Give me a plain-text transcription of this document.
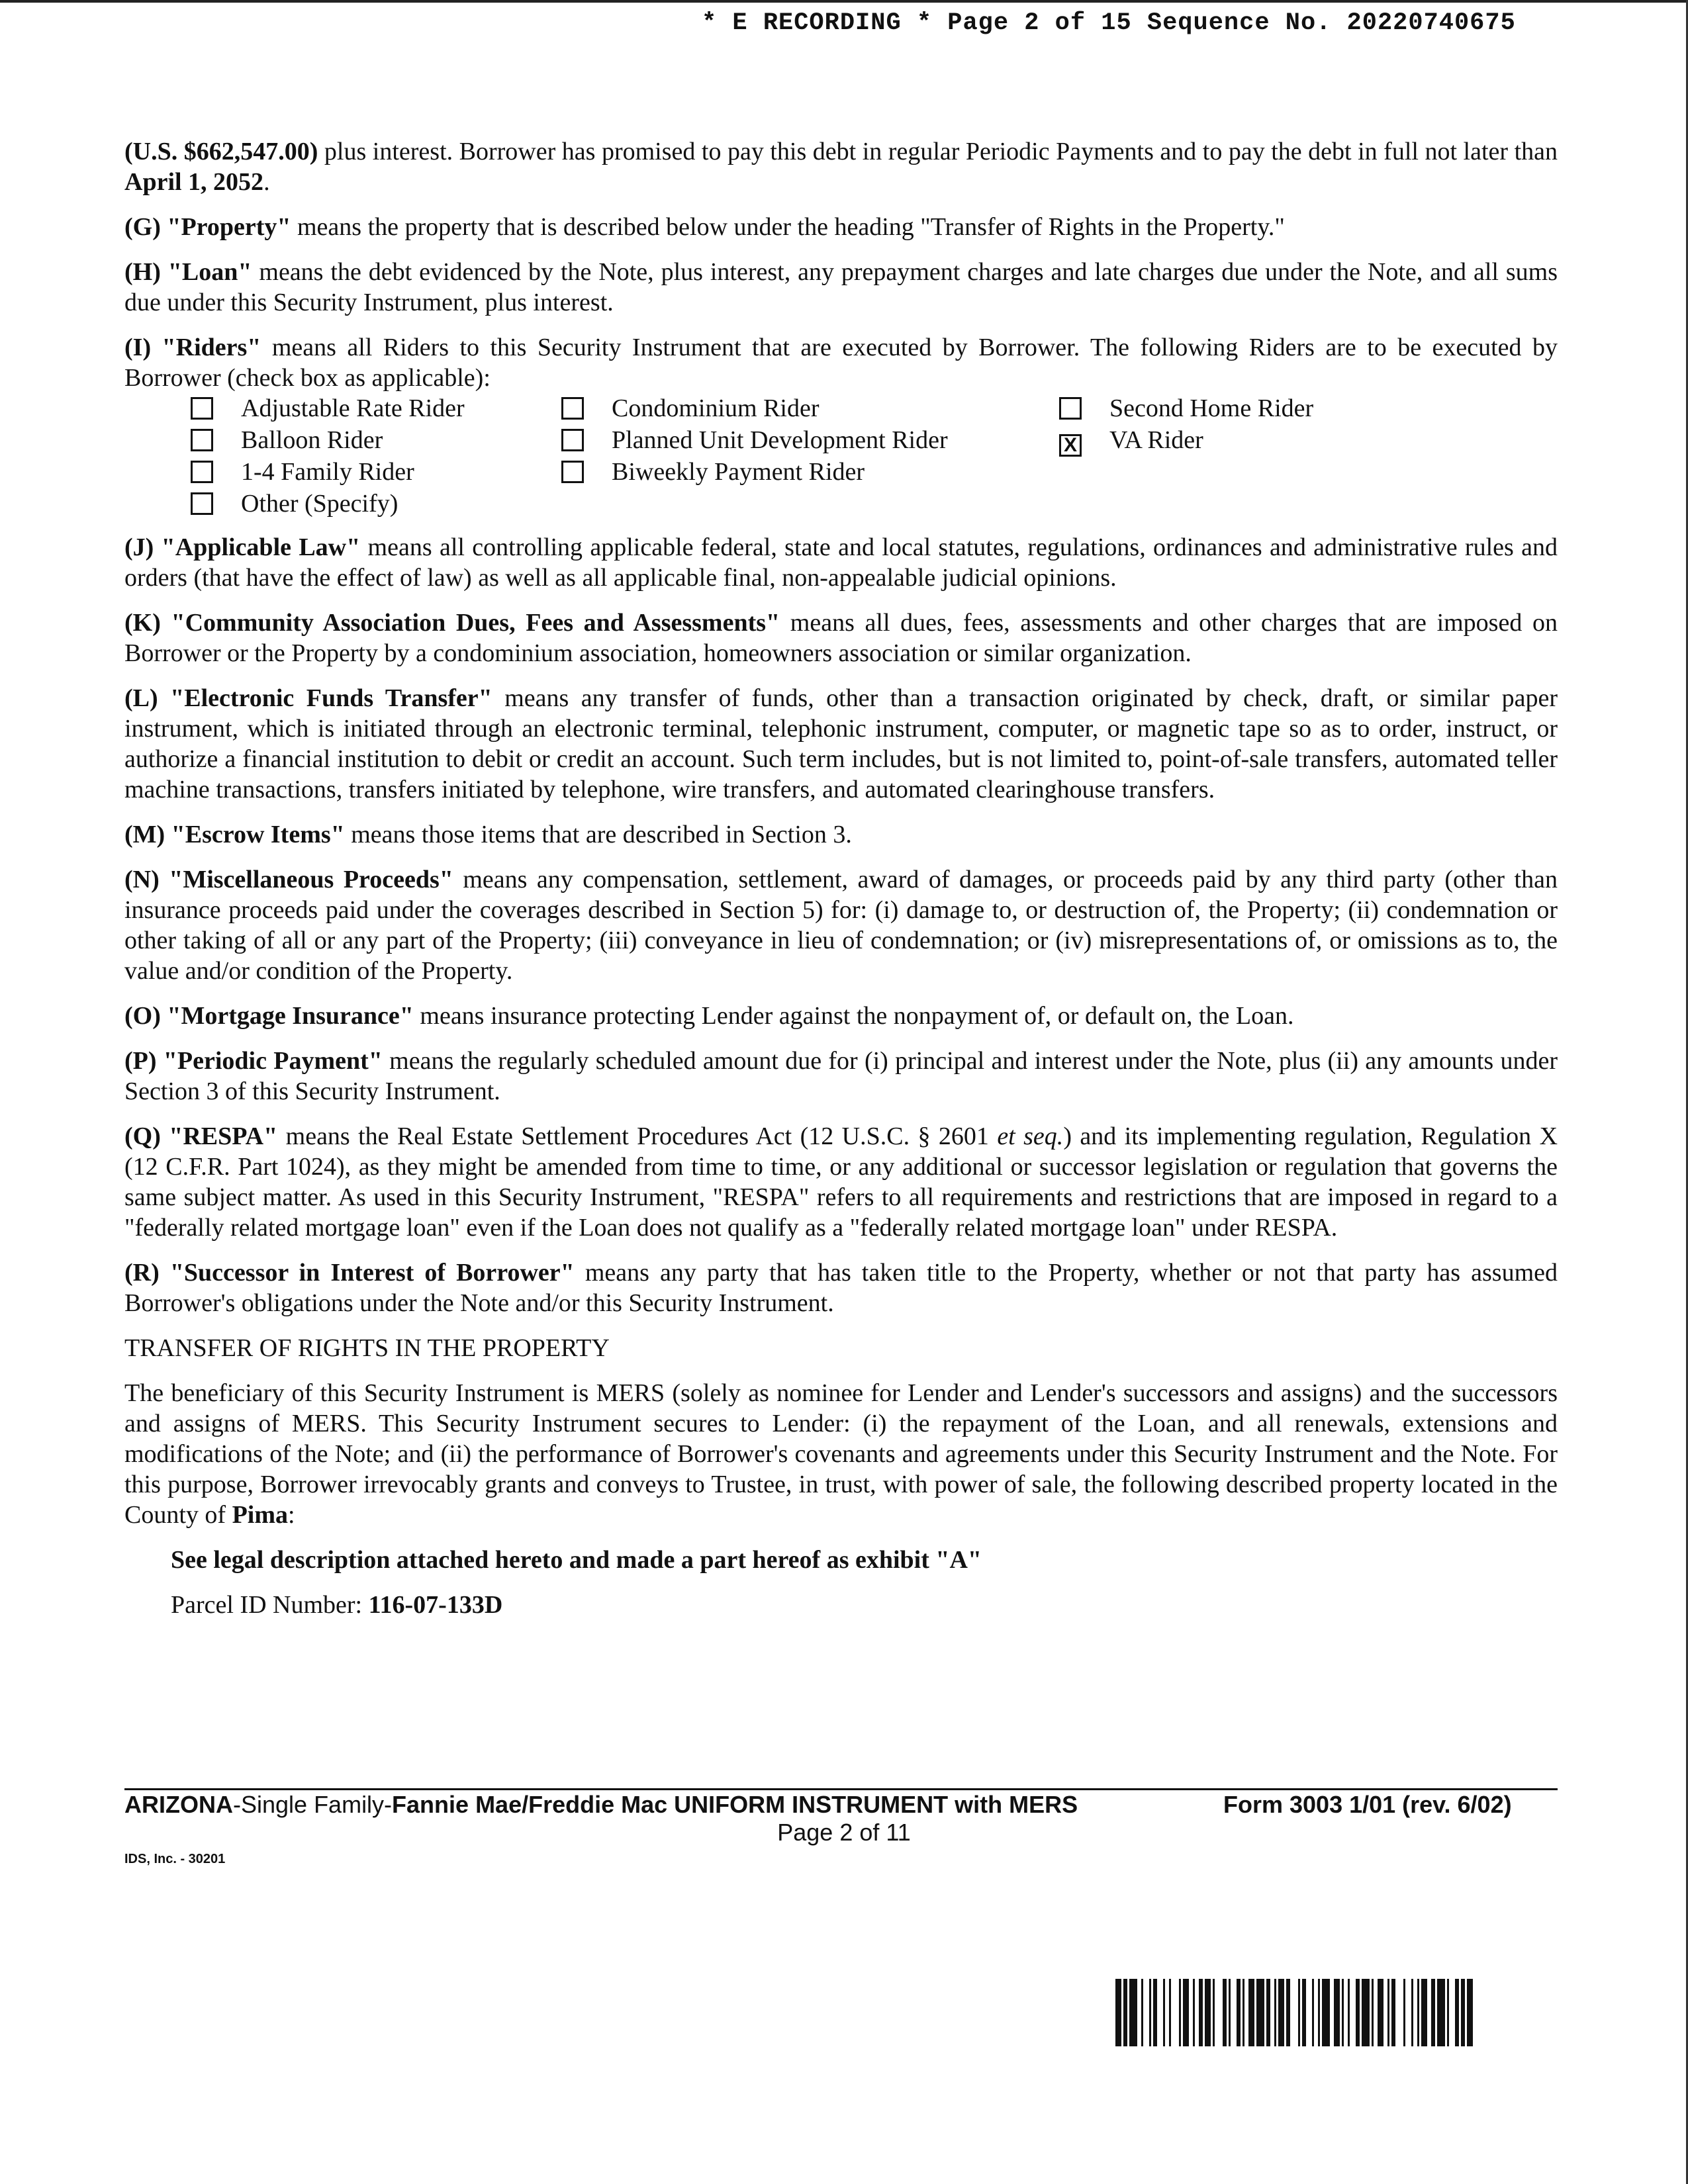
* E RECORDING * Page 2 of 15 Sequence No. 20220740675

(U.S. $662,547.00) plus interest. Borrower has promised to pay this debt in regular Periodic Payments and to pay the debt in full not later than April 1, 2052.

(G) "Property" means the property that is described below under the heading "Transfer of Rights in the Property."

(H) "Loan" means the debt evidenced by the Note, plus interest, any prepayment charges and late charges due under the Note, and all sums due under this Security Instrument, plus interest.

(I) "Riders" means all Riders to this Security Instrument that are executed by Borrower. The following Riders are to be executed by Borrower (check box as applicable):

Adjustable Rate Rider	Condominium Rider	Second Home Rider
Balloon Rider	Planned Unit Development Rider	X VA Rider
1-4 Family Rider	Biweekly Payment Rider
Other (Specify)

(J) "Applicable Law" means all controlling applicable federal, state and local statutes, regulations, ordinances and administrative rules and orders (that have the effect of law) as well as all applicable final, non-appealable judicial opinions.

(K) "Community Association Dues, Fees and Assessments" means all dues, fees, assessments and other charges that are imposed on Borrower or the Property by a condominium association, homeowners association or similar organization.

(L) "Electronic Funds Transfer" means any transfer of funds, other than a transaction originated by check, draft, or similar paper instrument, which is initiated through an electronic terminal, telephonic instrument, computer, or magnetic tape so as to order, instruct, or authorize a financial institution to debit or credit an account. Such term includes, but is not limited to, point-of-sale transfers, automated teller machine transactions, transfers initiated by telephone, wire transfers, and automated clearinghouse transfers.

(M) "Escrow Items" means those items that are described in Section 3.

(N) "Miscellaneous Proceeds" means any compensation, settlement, award of damages, or proceeds paid by any third party (other than insurance proceeds paid under the coverages described in Section 5) for: (i) damage to, or destruction of, the Property; (ii) condemnation or other taking of all or any part of the Property; (iii) conveyance in lieu of condemnation; or (iv) misrepresentations of, or omissions as to, the value and/or condition of the Property.

(O) "Mortgage Insurance" means insurance protecting Lender against the nonpayment of, or default on, the Loan.

(P) "Periodic Payment" means the regularly scheduled amount due for (i) principal and interest under the Note, plus (ii) any amounts under Section 3 of this Security Instrument.

(Q) "RESPA" means the Real Estate Settlement Procedures Act (12 U.S.C. § 2601 et seq.) and its implementing regulation, Regulation X (12 C.F.R. Part 1024), as they might be amended from time to time, or any additional or successor legislation or regulation that governs the same subject matter. As used in this Security Instrument, "RESPA" refers to all requirements and restrictions that are imposed in regard to a "federally related mortgage loan" even if the Loan does not qualify as a "federally related mortgage loan" under RESPA.

(R) "Successor in Interest of Borrower" means any party that has taken title to the Property, whether or not that party has assumed Borrower's obligations under the Note and/or this Security Instrument.

TRANSFER OF RIGHTS IN THE PROPERTY

The beneficiary of this Security Instrument is MERS (solely as nominee for Lender and Lender's successors and assigns) and the successors and assigns of MERS. This Security Instrument secures to Lender: (i) the repayment of the Loan, and all renewals, extensions and modifications of the Note; and (ii) the performance of Borrower's covenants and agreements under this Security Instrument and the Note. For this purpose, Borrower irrevocably grants and conveys to Trustee, in trust, with power of sale, the following described property located in the County of Pima:

See legal description attached hereto and made a part hereof as exhibit "A"

Parcel ID Number: 116-07-133D

ARIZONA-Single Family-Fannie Mae/Freddie Mac UNIFORM INSTRUMENT with MERS	Form 3003 1/01 (rev. 6/02)
Page 2 of 11
IDS, Inc. - 30201
